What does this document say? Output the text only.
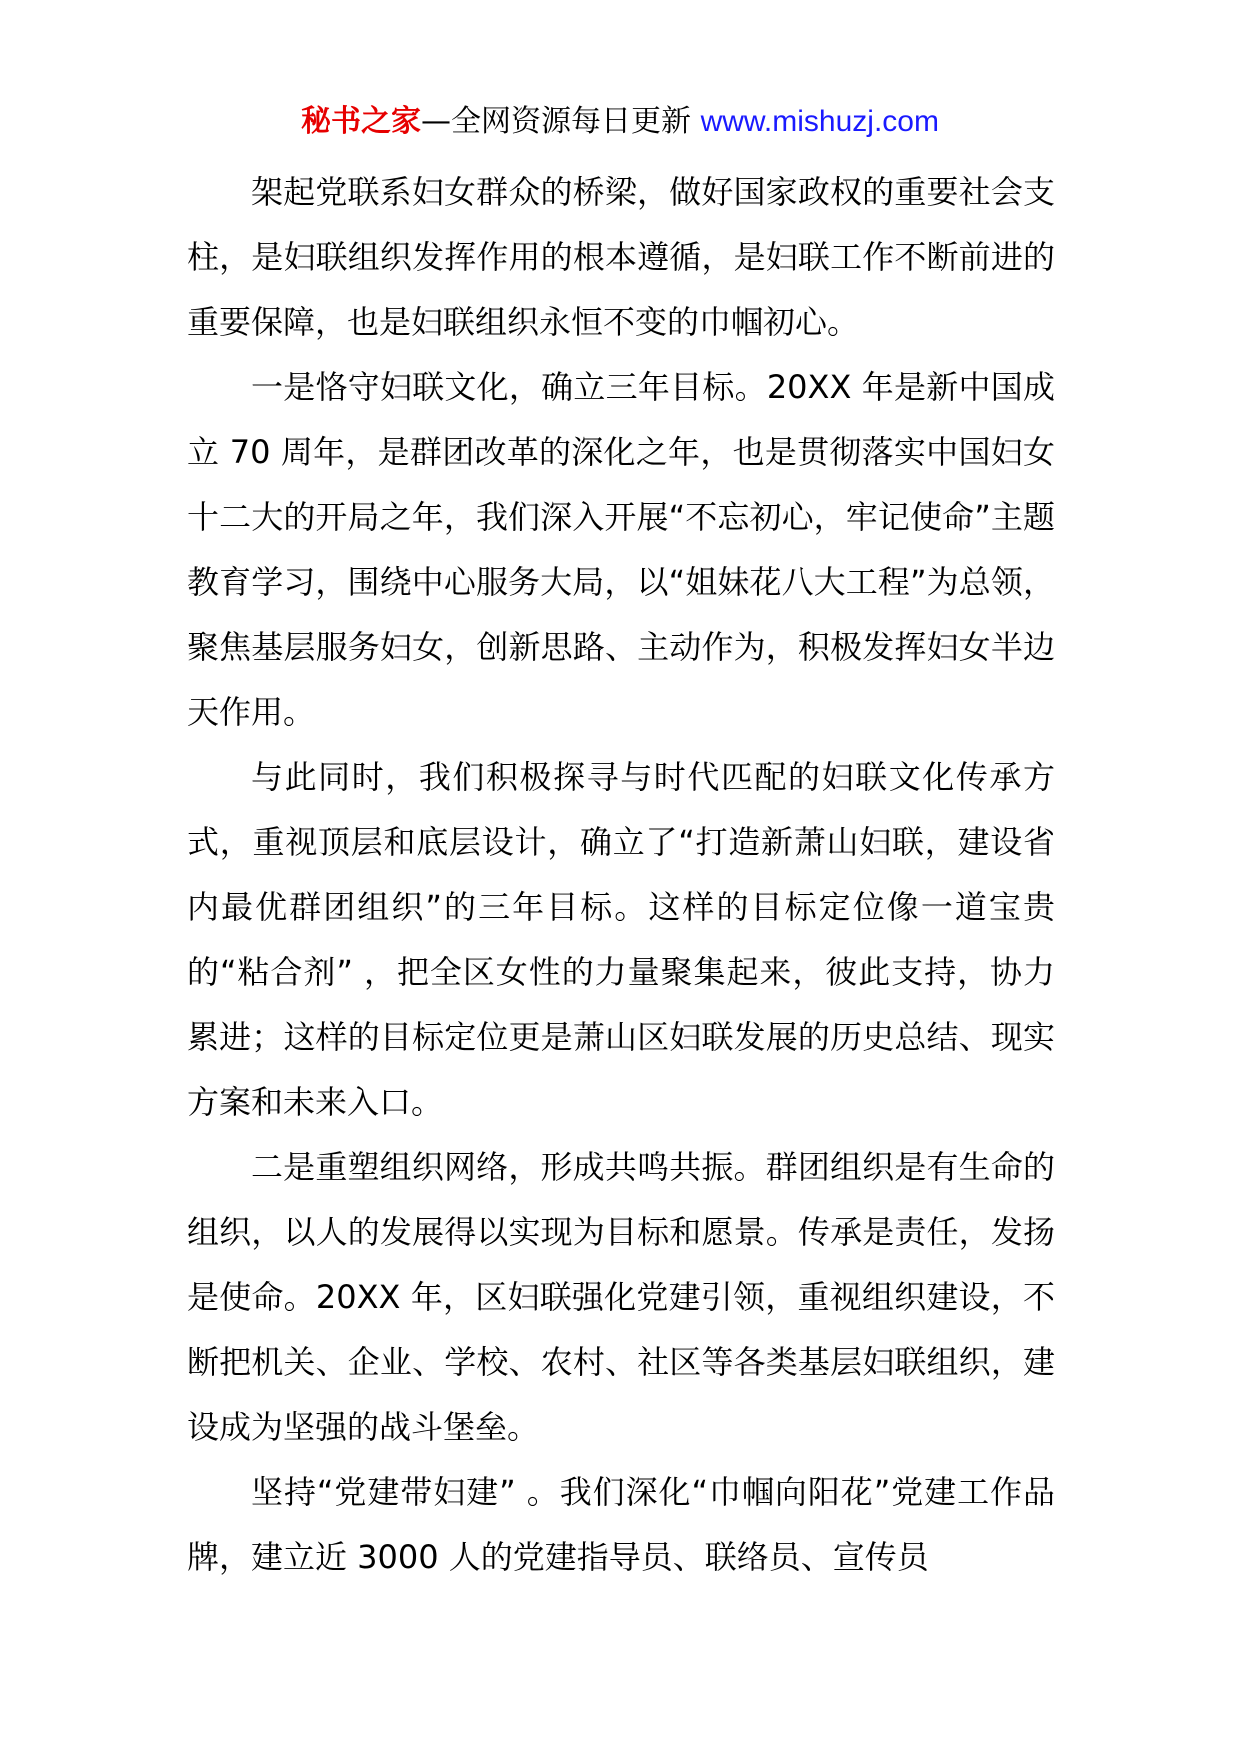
秘书之家—全网资源每日更新 www.mishuzj.com

架起党联系妇女群众的桥梁，做好国家政权的重要社会支柱，是妇联组织发挥作用的根本遵循，是妇联工作不断前进的重要保障，也是妇联组织永恒不变的巾帼初心。

一是恪守妇联文化，确立三年目标。20XX 年是新中国成立 70 周年，是群团改革的深化之年，也是贯彻落实中国妇女十二大的开局之年，我们深入开展“不忘初心，牢记使命”主题教育学习，围绕中心服务大局，以“姐妹花八大工程”为总领，聚焦基层服务妇女，创新思路、主动作为，积极发挥妇女半边天作用。

与此同时，我们积极探寻与时代匹配的妇联文化传承方式，重视顶层和底层设计，确立了“打造新萧山妇联，建设省内最优群团组织”的三年目标。这样的目标定位像一道宝贵的“粘合剂” ，把全区女性的力量聚集起来，彼此支持，协力累进；这样的目标定位更是萧山区妇联发展的历史总结、现实方案和未来入口。

二是重塑组织网络，形成共鸣共振。群团组织是有生命的组织，以人的发展得以实现为目标和愿景。传承是责任，发扬是使命。20XX 年，区妇联强化党建引领，重视组织建设，不断把机关、企业、学校、农村、社区等各类基层妇联组织，建设成为坚强的战斗堡垒。

坚持“党建带妇建” 。我们深化“巾帼向阳花”党建工作品牌，建立近 3000 人的党建指导员、联络员、宣传员
